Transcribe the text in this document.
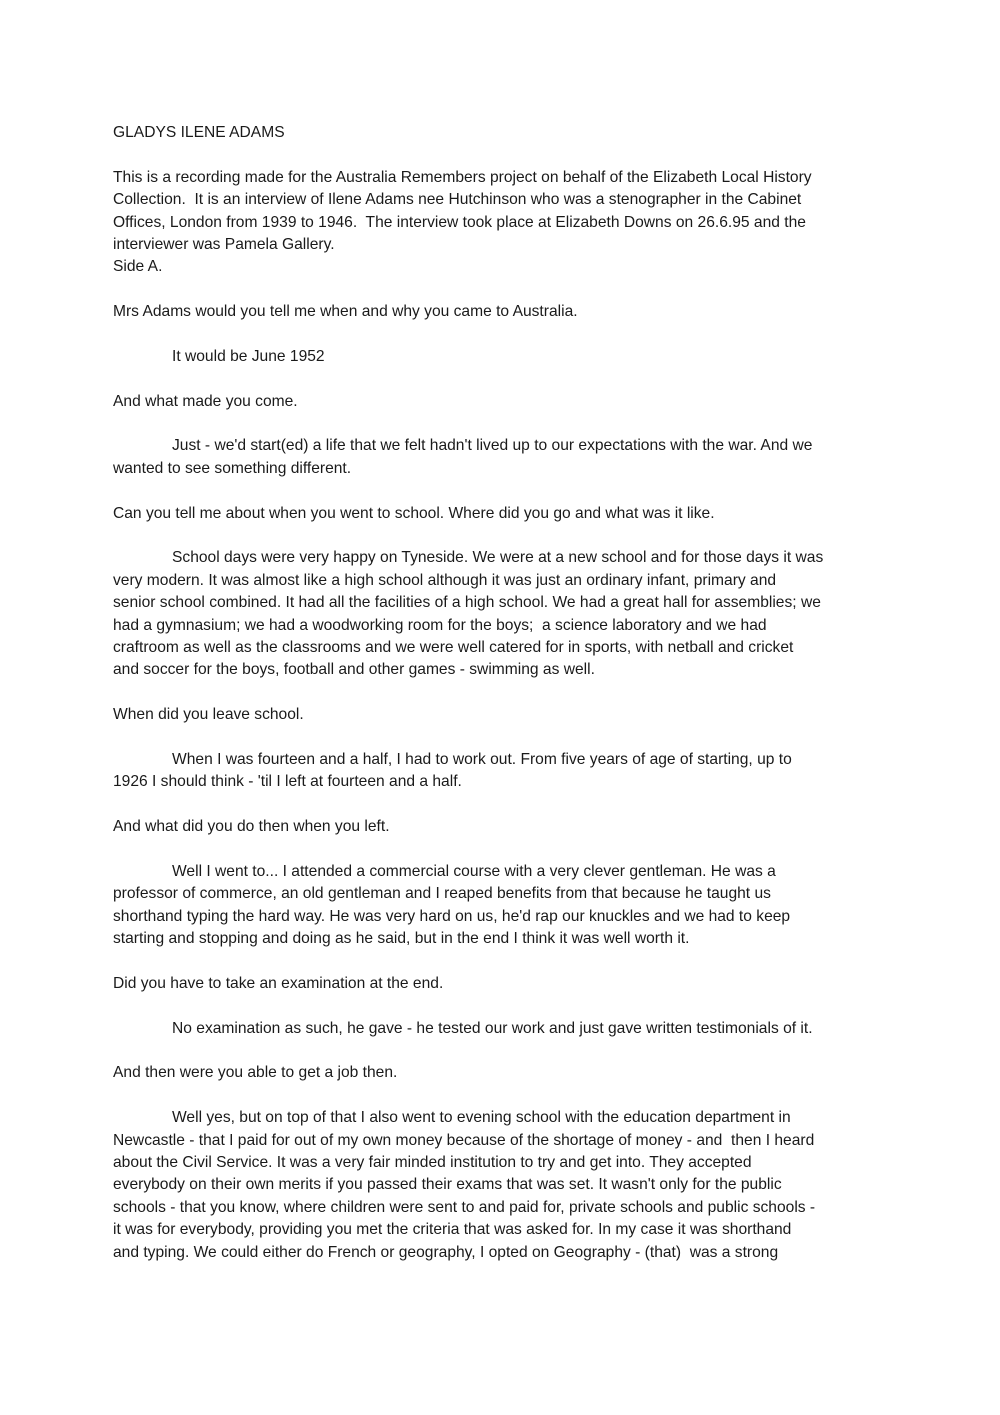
GLADYS ILENE ADAMS
This is a recording made for the Australia Remembers project on behalf of the Elizabeth Local History
Collection.  It is an interview of Ilene Adams nee Hutchinson who was a stenographer in the Cabinet
Offices, London from 1939 to 1946.  The interview took place at Elizabeth Downs on 26.6.95 and the
interviewer was Pamela Gallery.
Side A.
Mrs Adams would you tell me when and why you came to Australia.
It would be June 1952
And what made you come.
Just - we'd start(ed) a life that we felt hadn't lived up to our expectations with the war. And we
wanted to see something different.
Can you tell me about when you went to school. Where did you go and what was it like.
School days were very happy on Tyneside. We were at a new school and for those days it was
very modern. It was almost like a high school although it was just an ordinary infant, primary and
senior school combined. It had all the facilities of a high school. We had a great hall for assemblies; we
had a gymnasium; we had a woodworking room for the boys;  a science laboratory and we had
craftroom as well as the classrooms and we were well catered for in sports, with netball and cricket
and soccer for the boys, football and other games - swimming as well.
When did you leave school.
When I was fourteen and a half, I had to work out. From five years of age of starting, up to
1926 I should think - 'til I left at fourteen and a half.
And what did you do then when you left.
Well I went to... I attended a commercial course with a very clever gentleman. He was a
professor of commerce, an old gentleman and I reaped benefits from that because he taught us
shorthand typing the hard way. He was very hard on us, he'd rap our knuckles and we had to keep
starting and stopping and doing as he said, but in the end I think it was well worth it.
Did you have to take an examination at the end.
No examination as such, he gave - he tested our work and just gave written testimonials of it.
And then were you able to get a job then.
Well yes, but on top of that I also went to evening school with the education department in
Newcastle - that I paid for out of my own money because of the shortage of money - and  then I heard
about the Civil Service. It was a very fair minded institution to try and get into. They accepted
everybody on their own merits if you passed their exams that was set. It wasn't only for the public
schools - that you know, where children were sent to and paid for, private schools and public schools -
it was for everybody, providing you met the criteria that was asked for. In my case it was shorthand
and typing. We could either do French or geography, I opted on Geography - (that)  was a strong
